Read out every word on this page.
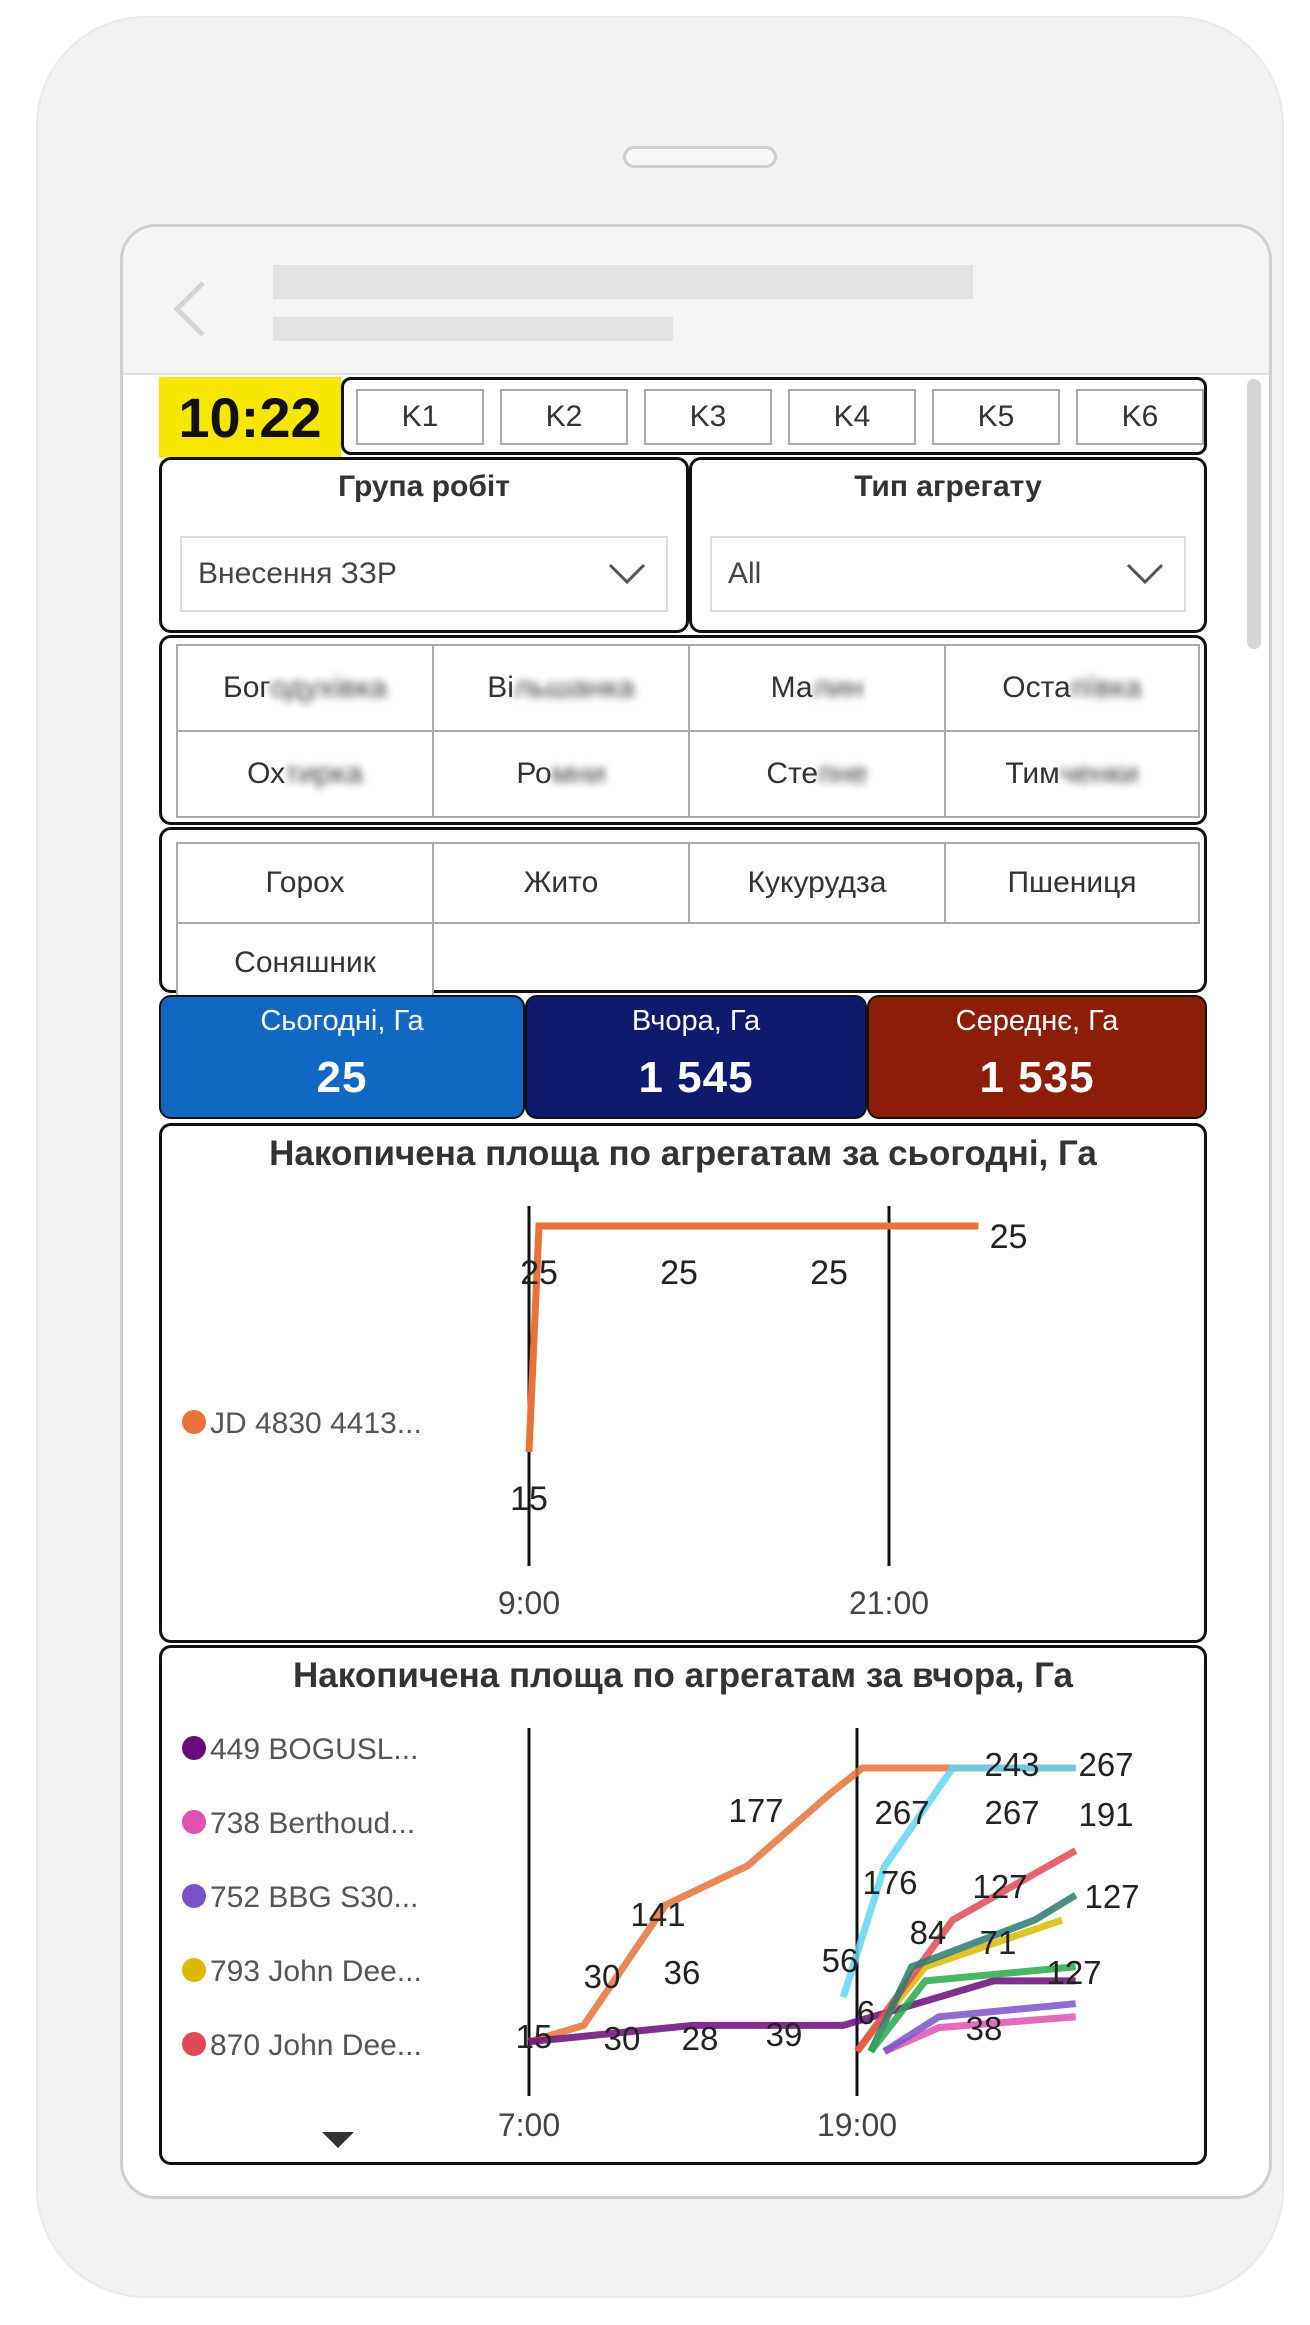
10:22	K1	K2	K3	K4	K5	K6
Група робіт
Внесення ЗЗР
Тип агрегату
All
Бог одухівка	Ві льшанка	Ма лин	Оста пївка
Ох тирка	Ро мни	Сте пне	Тим ченки
Горох	Жито	Кукурудза	Пшениця
Соняшник
Сьогодні, Га
25
Вчора, Га
1 545
Середнє, Га
1 535
Накопичена площа по агрегатам за сьогодні, Га
JD 4830 4413...
9:00	21:00
15
25	25	25
25
Накопичена площа по агрегатам за вчора, Га
449 BOGUSL...
738 Berthoud...
752 BBG S30...
793 John Dee...
870 John Dee...
7:00	19:00
15
30
30
36
28
141
177
39
56
6
267
176
84
243
267
127
71
127
38
267
191
127
